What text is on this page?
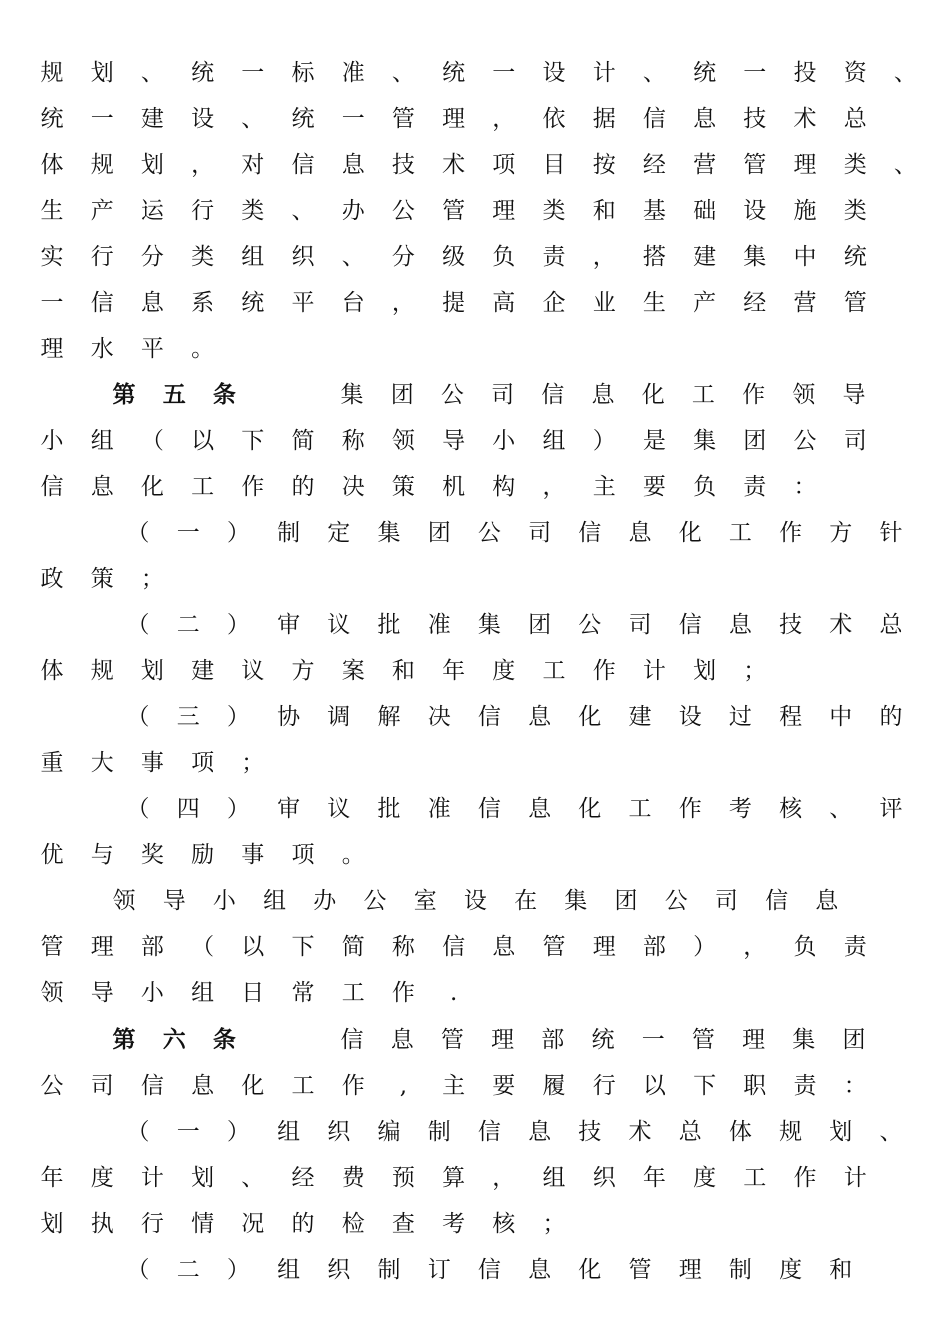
规 划 、 统 一 标 准 、 统 一 设 计 、 统 一 投 资 、
统 一 建 设 、 统 一 管 理 ， 依 据 信 息 技 术 总
体 规 划 ， 对 信 息 技 术 项 目 按 经 营 管 理 类 、
生 产 运 行 类 、 办 公 管 理 类 和 基 础 设 施 类
实 行 分 类 组 织 、 分 级 负 责 ， 搭 建 集 中 统
一 信 息 系 统 平 台 ， 提 高 企 业 生 产 经 营 管
理 水 平 。
集 团 公 司 信 息 化 工 作 领 导
小 组 （ 以 下 简 称 领 导 小 组 ） 是 集 团 公 司
信 息 化 工 作 的 决 策 机 构 ， 主 要 负 责 ：
（ 一 ） 制 定 集 团 公 司 信 息 化 工 作 方 针
政 策 ；
（ 二 ） 审 议 批 准 集 团 公 司 信 息 技 术 总
体 规 划 建 议 方 案 和 年 度 工 作 计 划 ；
（ 三 ） 协 调 解 决 信 息 化 建 设 过 程 中 的
重 大 事 项 ；
（ 四 ） 审 议 批 准 信 息 化 工 作 考 核 、 评
优 与 奖 励 事 项 。
领 导 小 组 办 公 室 设 在 集 团 公 司 信 息
管 理 部 （ 以 下 简 称 信 息 管 理 部 ） ， 负 责
领 导 小 组 日 常 工 作	.
信 息 管 理 部 统 一 管 理 集 团
公 司 信 息 化 工 作	,	主 要 履 行 以 下 职 责 ：
（ 一 ） 组 织 编 制 信 息 技 术 总 体 规 划 、
年 度 计 划 、 经 费 预 算 ， 组 织 年 度 工 作 计
划 执 行 情 况 的 检 查 考 核 ；
（ 二 ） 组 织 制 订 信 息 化 管 理 制 度 和
第 五 条
第 六 条
